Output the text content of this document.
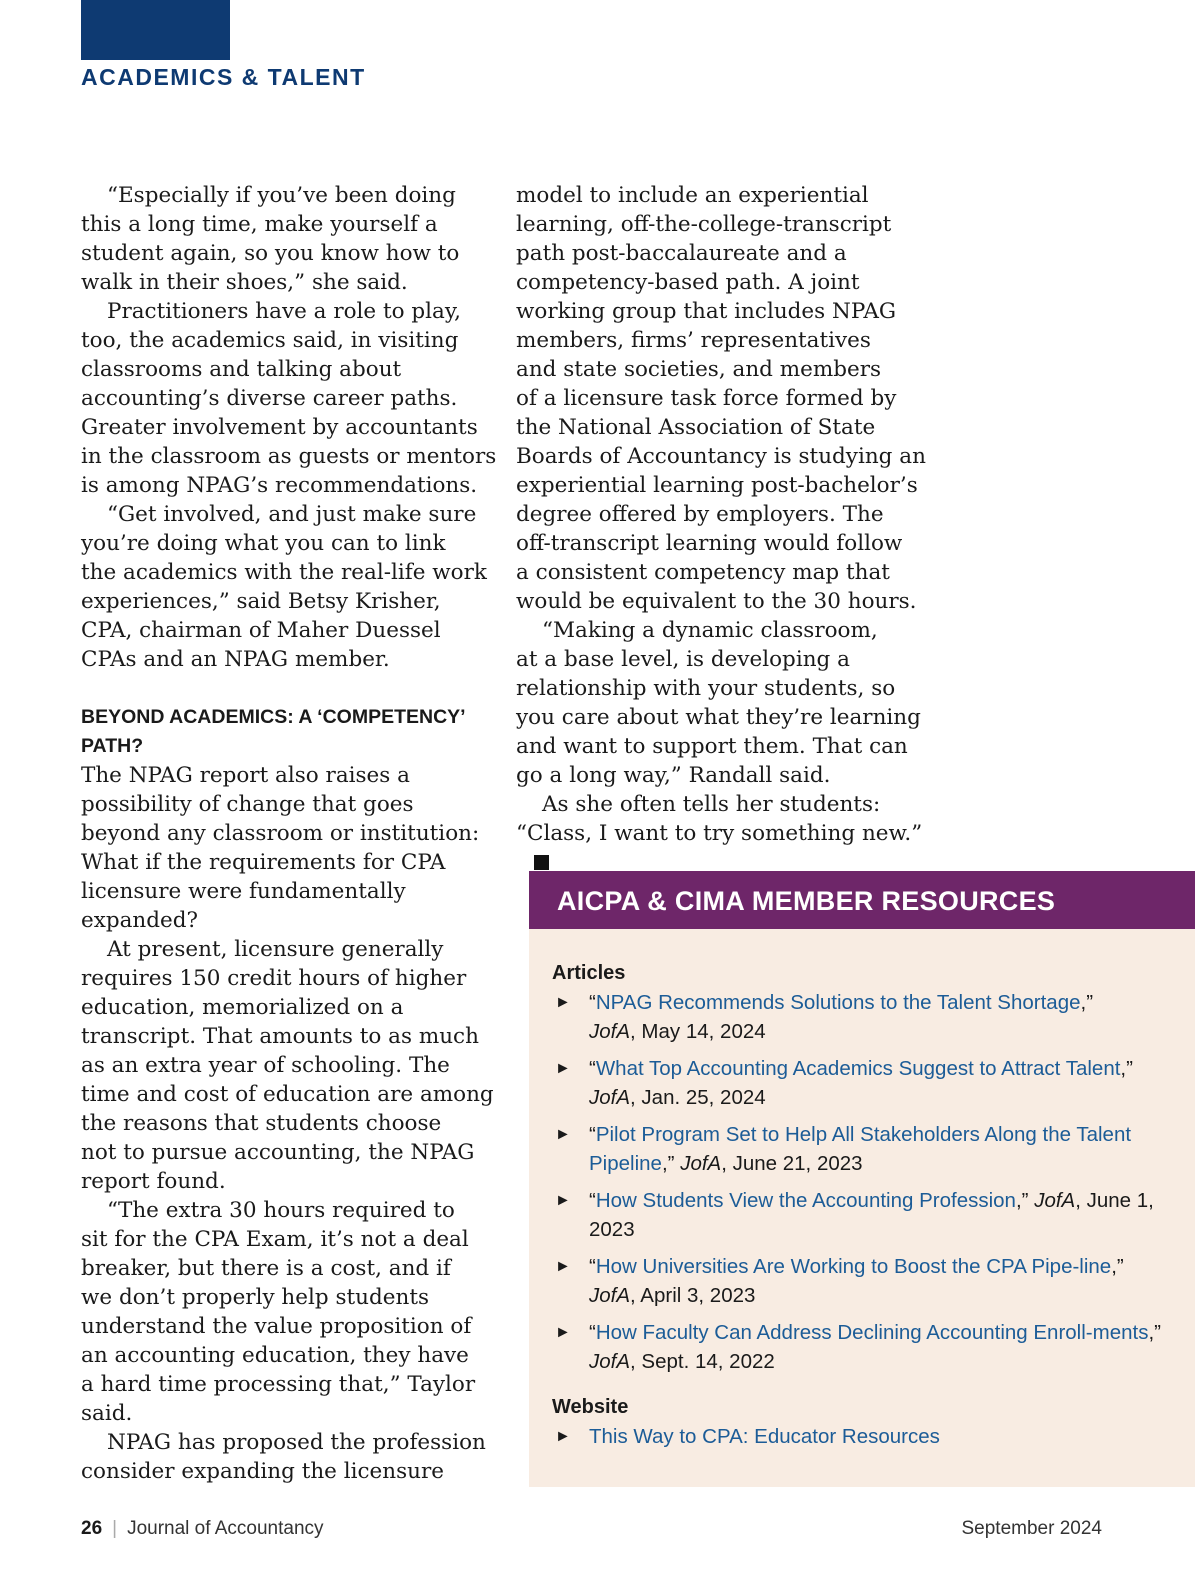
ACADEMICS & TALENT

“Especially if you’ve been doing
this a long time, make yourself a
student again, so you know how to
walk in their shoes,” she said.

Practitioners have a role to play,
too, the academics said, in visiting
classrooms and talking about
accounting’s diverse career paths.
Greater involvement by accountants
in the classroom as guests or mentors
is among NPAG’s recommendations.

“Get involved, and just make sure
you’re doing what you can to link
the academics with the real-life work
experiences,” said Betsy Krisher,
CPA, chairman of Maher Duessel
CPAs and an NPAG member.

BEYOND ACADEMICS: A ‘COMPETENCY’
PATH?

The NPAG report also raises a
possibility of change that goes
beyond any classroom or institution:
What if the requirements for CPA
licensure were fundamentally
expanded?

At present, licensure generally
requires 150 credit hours of higher
education, memorialized on a
transcript. That amounts to as much
as an extra year of schooling. The
time and cost of education are among
the reasons that students choose
not to pursue accounting, the NPAG
report found.

“The extra 30 hours required to
sit for the CPA Exam, it’s not a deal
breaker, but there is a cost, and if
we don’t properly help students
understand the value proposition of
an accounting education, they have
a hard time processing that,” Taylor
said.

NPAG has proposed the profession
consider expanding the licensure

model to include an experiential
learning, off-the-college-transcript
path post-baccalaureate and a
competency-based path. A joint
working group that includes NPAG
members, firms’ representatives
and state societies, and members
of a licensure task force formed by
the National Association of State
Boards of Accountancy is studying an
experiential learning post-bachelor’s
degree offered by employers. The
off-transcript learning would follow
a consistent competency map that
would be equivalent to the 30 hours.

“Making a dynamic classroom,
at a base level, is developing a
relationship with your students, so
you care about what they’re learning
and want to support them. That can
go a long way,” Randall said.

As she often tells her students:
“Class, I want to try something new.”

AICPA & CIMA MEMBER RESOURCES
Articles
► “NPAG Recommends Solutions to the Talent Shortage,”
JofA, May 14, 2024
► “What Top Accounting Academics Suggest to Attract Talent,” JofA, Jan. 25, 2024
► “Pilot Program Set to Help All Stakeholders Along the Talent Pipeline,” JofA, June 21, 2023
► “How Students View the Accounting Profession,” JofA, June 1, 2023
► “How Universities Are Working to Boost the CPA Pipe-line,” JofA, April 3, 2023
► “How Faculty Can Address Declining Accounting Enroll-ments,” JofA, Sept. 14, 2022
Website
► This Way to CPA: Educator Resources
26 | Journal of Accountancy	September 2024
